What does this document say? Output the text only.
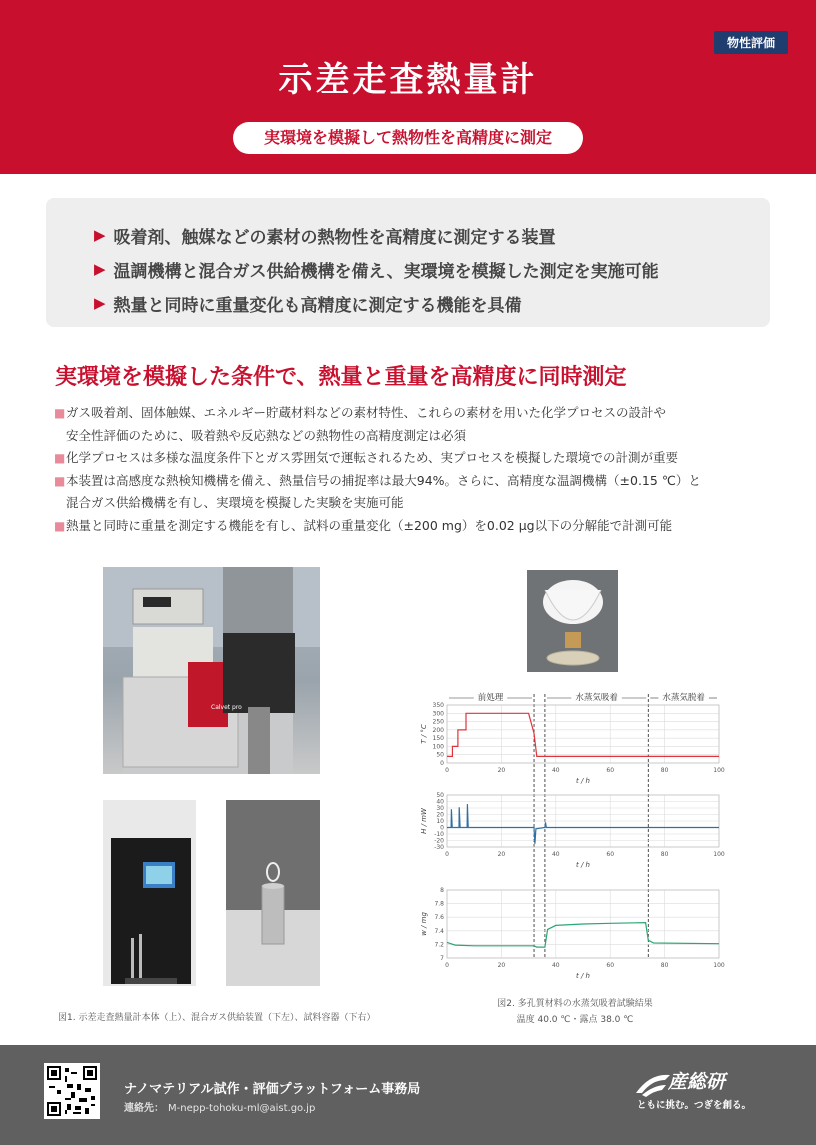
物性評価
示差走査熱量計
実環境を模擬して熱物性を高精度に測定
▶ 吸着剤、触媒などの素材の熱物性を高精度に測定する装置
▶ 温調機構と混合ガス供給機構を備え、実環境を模擬した測定を実施可能
▶ 熱量と同時に重量変化も高精度に測定する機能を具備
実環境を模擬した条件で、熱量と重量を高精度に同時測定
■ ガス吸着剤、固体触媒、エネルギー貯蔵材料などの素材特性、これらの素材を用いた化学プロセスの設計や
安全性評価のために、吸着熱や反応熱などの熱物性の高精度測定は必須
■ 化学プロセスは多様な温度条件下とガス雰囲気で運転されるため、実プロセスを模擬した環境での計測が重要
■ 本装置は高感度な熱検知機構を備え、熱量信号の捕捉率は最大94%。さらに、高精度な温調機構（±0.15 ℃）と
混合ガス供給機構を有し、実環境を模擬した実験を実施可能
■ 熱量と同時に重量を測定する機能を有し、試料の重量変化（±200 mg）を0.02 μg以下の分解能で計測可能
Calvet pro
前処理	水蒸気吸着	水蒸気脱着
0
50
100
150
200
250
300
350
0	20	40	60	80	100
T / °C
t / h
-30
-20
-10
0
10
20
30
40
50
0	20	40	60	80	100
H / mW
t / h
7
7.2
7.4
7.6
7.8
8
0	20	40	60	80	100
w / mg
t / h
図1. 示差走査熱量計本体（上）、混合ガス供給装置（下左）、試料容器（下右）
図2. 多孔質材料の水蒸気吸着試験結果
温度 40.0 ℃・露点 38.0 ℃
ナノマテリアル試作・評価プラットフォーム事務局
連絡先： M-nepp-tohoku-ml@aist.go.jp
産総研
ともに挑む。つぎを創る。
